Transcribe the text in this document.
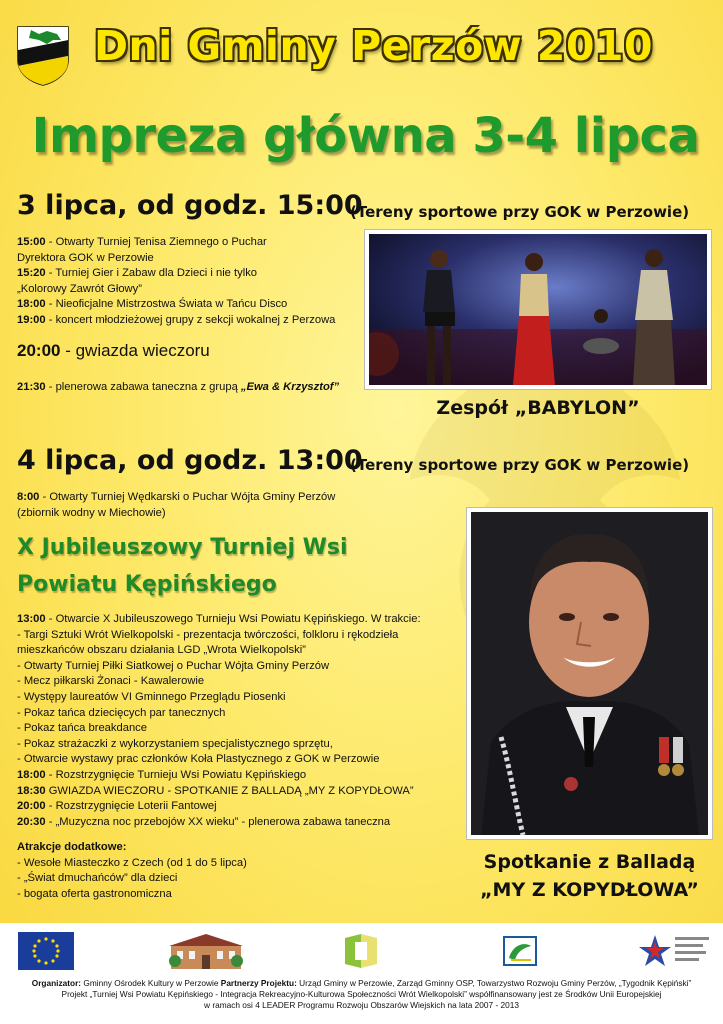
Dni Gminy Perzów 2010
Impreza główna 3-4 lipca
3 lipca, od godz. 15:00
(Tereny sportowe przy GOK w Perzowie)
15:00 - Otwarty Turniej Tenisa Ziemnego o Puchar
Dyrektora GOK w Perzowie
15:20 - Turniej Gier i Zabaw dla Dzieci i nie tylko
„Kolorowy Zawrót Głowy”
18:00 - Nieoficjalne Mistrzostwa Świata w Tańcu Disco
19:00 - koncert młodzieżowej grupy z sekcji wokalnej z Perzowa
20:00 - gwiazda wieczoru
21:30 - plenerowa zabawa taneczna z grupą „Ewa & Krzysztof”
Zespół „BABYLON”
4 lipca, od godz. 13:00
(Tereny sportowe przy GOK w Perzowie)
8:00 - Otwarty Turniej Wędkarski o Puchar Wójta Gminy Perzów
(zbiornik wodny w Miechowie)
X Jubileuszowy Turniej Wsi
Powiatu Kępińskiego
13:00 - Otwarcie X Jubileuszowego Turnieju Wsi Powiatu Kępińskiego. W trakcie:
- Targi Sztuki Wrót Wielkopolski - prezentacja twórczości, folkloru i rękodzieła
mieszkańców obszaru działania LGD „Wrota Wielkopolski”
- Otwarty Turniej Piłki Siatkowej o Puchar Wójta Gminy Perzów
- Mecz piłkarski Żonaci - Kawalerowie
- Występy laureatów VI Gminnego Przeglądu Piosenki
- Pokaz tańca dziecięcych par tanecznych
- Pokaz tańca breakdance
- Pokaz strażaczki z wykorzystaniem specjalistycznego sprzętu,
- Otwarcie wystawy prac członków Koła Plastycznego z GOK w Perzowie
18:00 - Rozstrzygnięcie Turnieju Wsi Powiatu Kępińskiego
18:30 GWIAZDA WIECZORU - SPOTKANIE Z BALLADĄ „MY Z KOPYDŁOWA”
20:00 - Rozstrzygnięcie Loterii Fantowej
20:30 - „Muzyczna noc przebojów XX wieku” - plenerowa zabawa taneczna
Atrakcje dodatkowe:
- Wesołe Miasteczko z Czech (od 1 do 5 lipca)
- „Świat dmuchańców” dla dzieci
- bogata oferta gastronomiczna
Spotkanie z Balladą
„MY Z KOPYDŁOWA”
Organizator: Gminny Ośrodek Kultury w Perzowie Partnerzy Projektu: Urząd Gminy w Perzowie, Zarząd Gminny OSP, Towarzystwo Rozwoju Gminy Perzów, „Tygodnik Kępiński”
Projekt „Turniej Wsi Powiatu Kępińskiego - Integracja Rekreacyjno-Kulturowa Społeczności Wrót Wielkopolski” współfinansowany jest ze Środków Unii Europejskiej
w ramach osi 4 LEADER Programu Rozwoju Obszarów Wiejskich na lata 2007 - 2013
